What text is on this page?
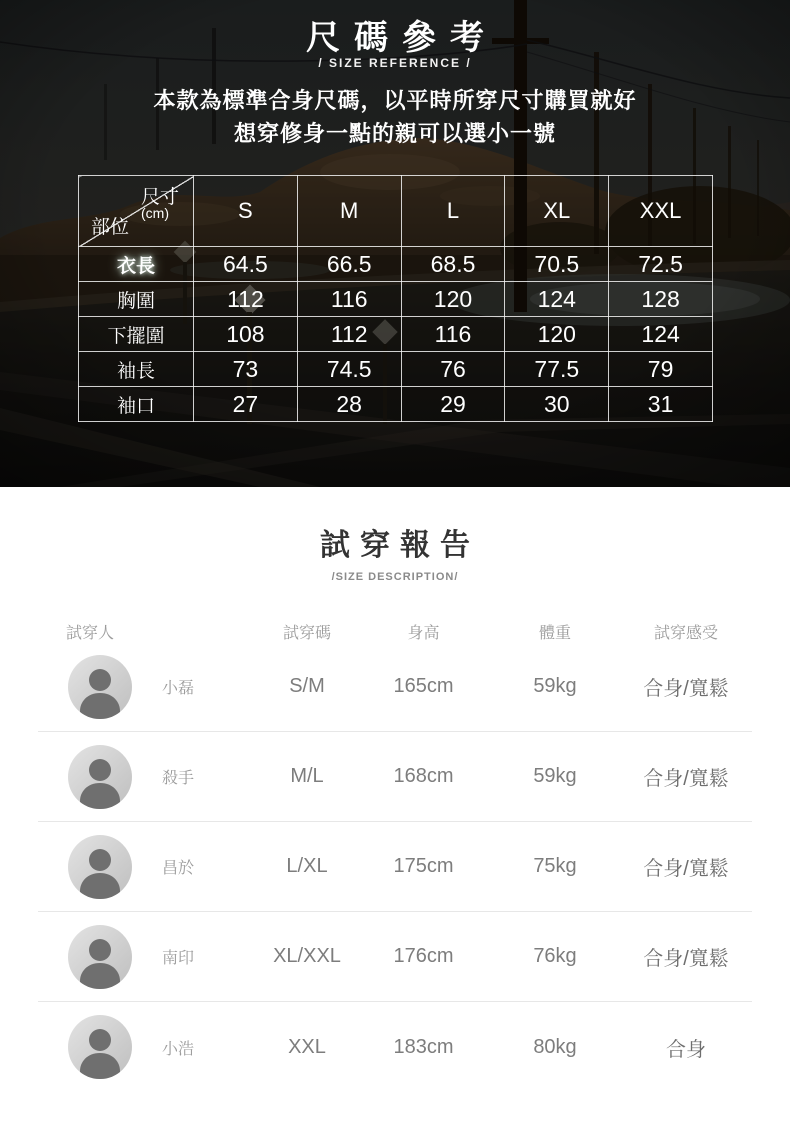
尺碼參考
/ SIZE REFERENCE /
本款為標準合身尺碼，以平時所穿尺寸購買就好
想穿修身一點的親可以選小一號
尺寸
(cm)
部位	S	M	L	XL	XXL
衣長	64.5	66.5	68.5	70.5	72.5
胸圍	112	116	120	124	128
下擺圍	108	112	116	120	124
袖長	73	74.5	76	77.5	79
袖口	27	28	29	30	31
試穿報告
/SIZE DESCRIPTION/
試穿人	試穿碼	身高	體重	試穿感受
小磊	S/M	165cm	59kg	合身/寬鬆
殺手	M/L	168cm	59kg	合身/寬鬆
昌於	L/XL	175cm	75kg	合身/寬鬆
南印	XL/XXL	176cm	76kg	合身/寬鬆
小浩	XXL	183cm	80kg	合身
